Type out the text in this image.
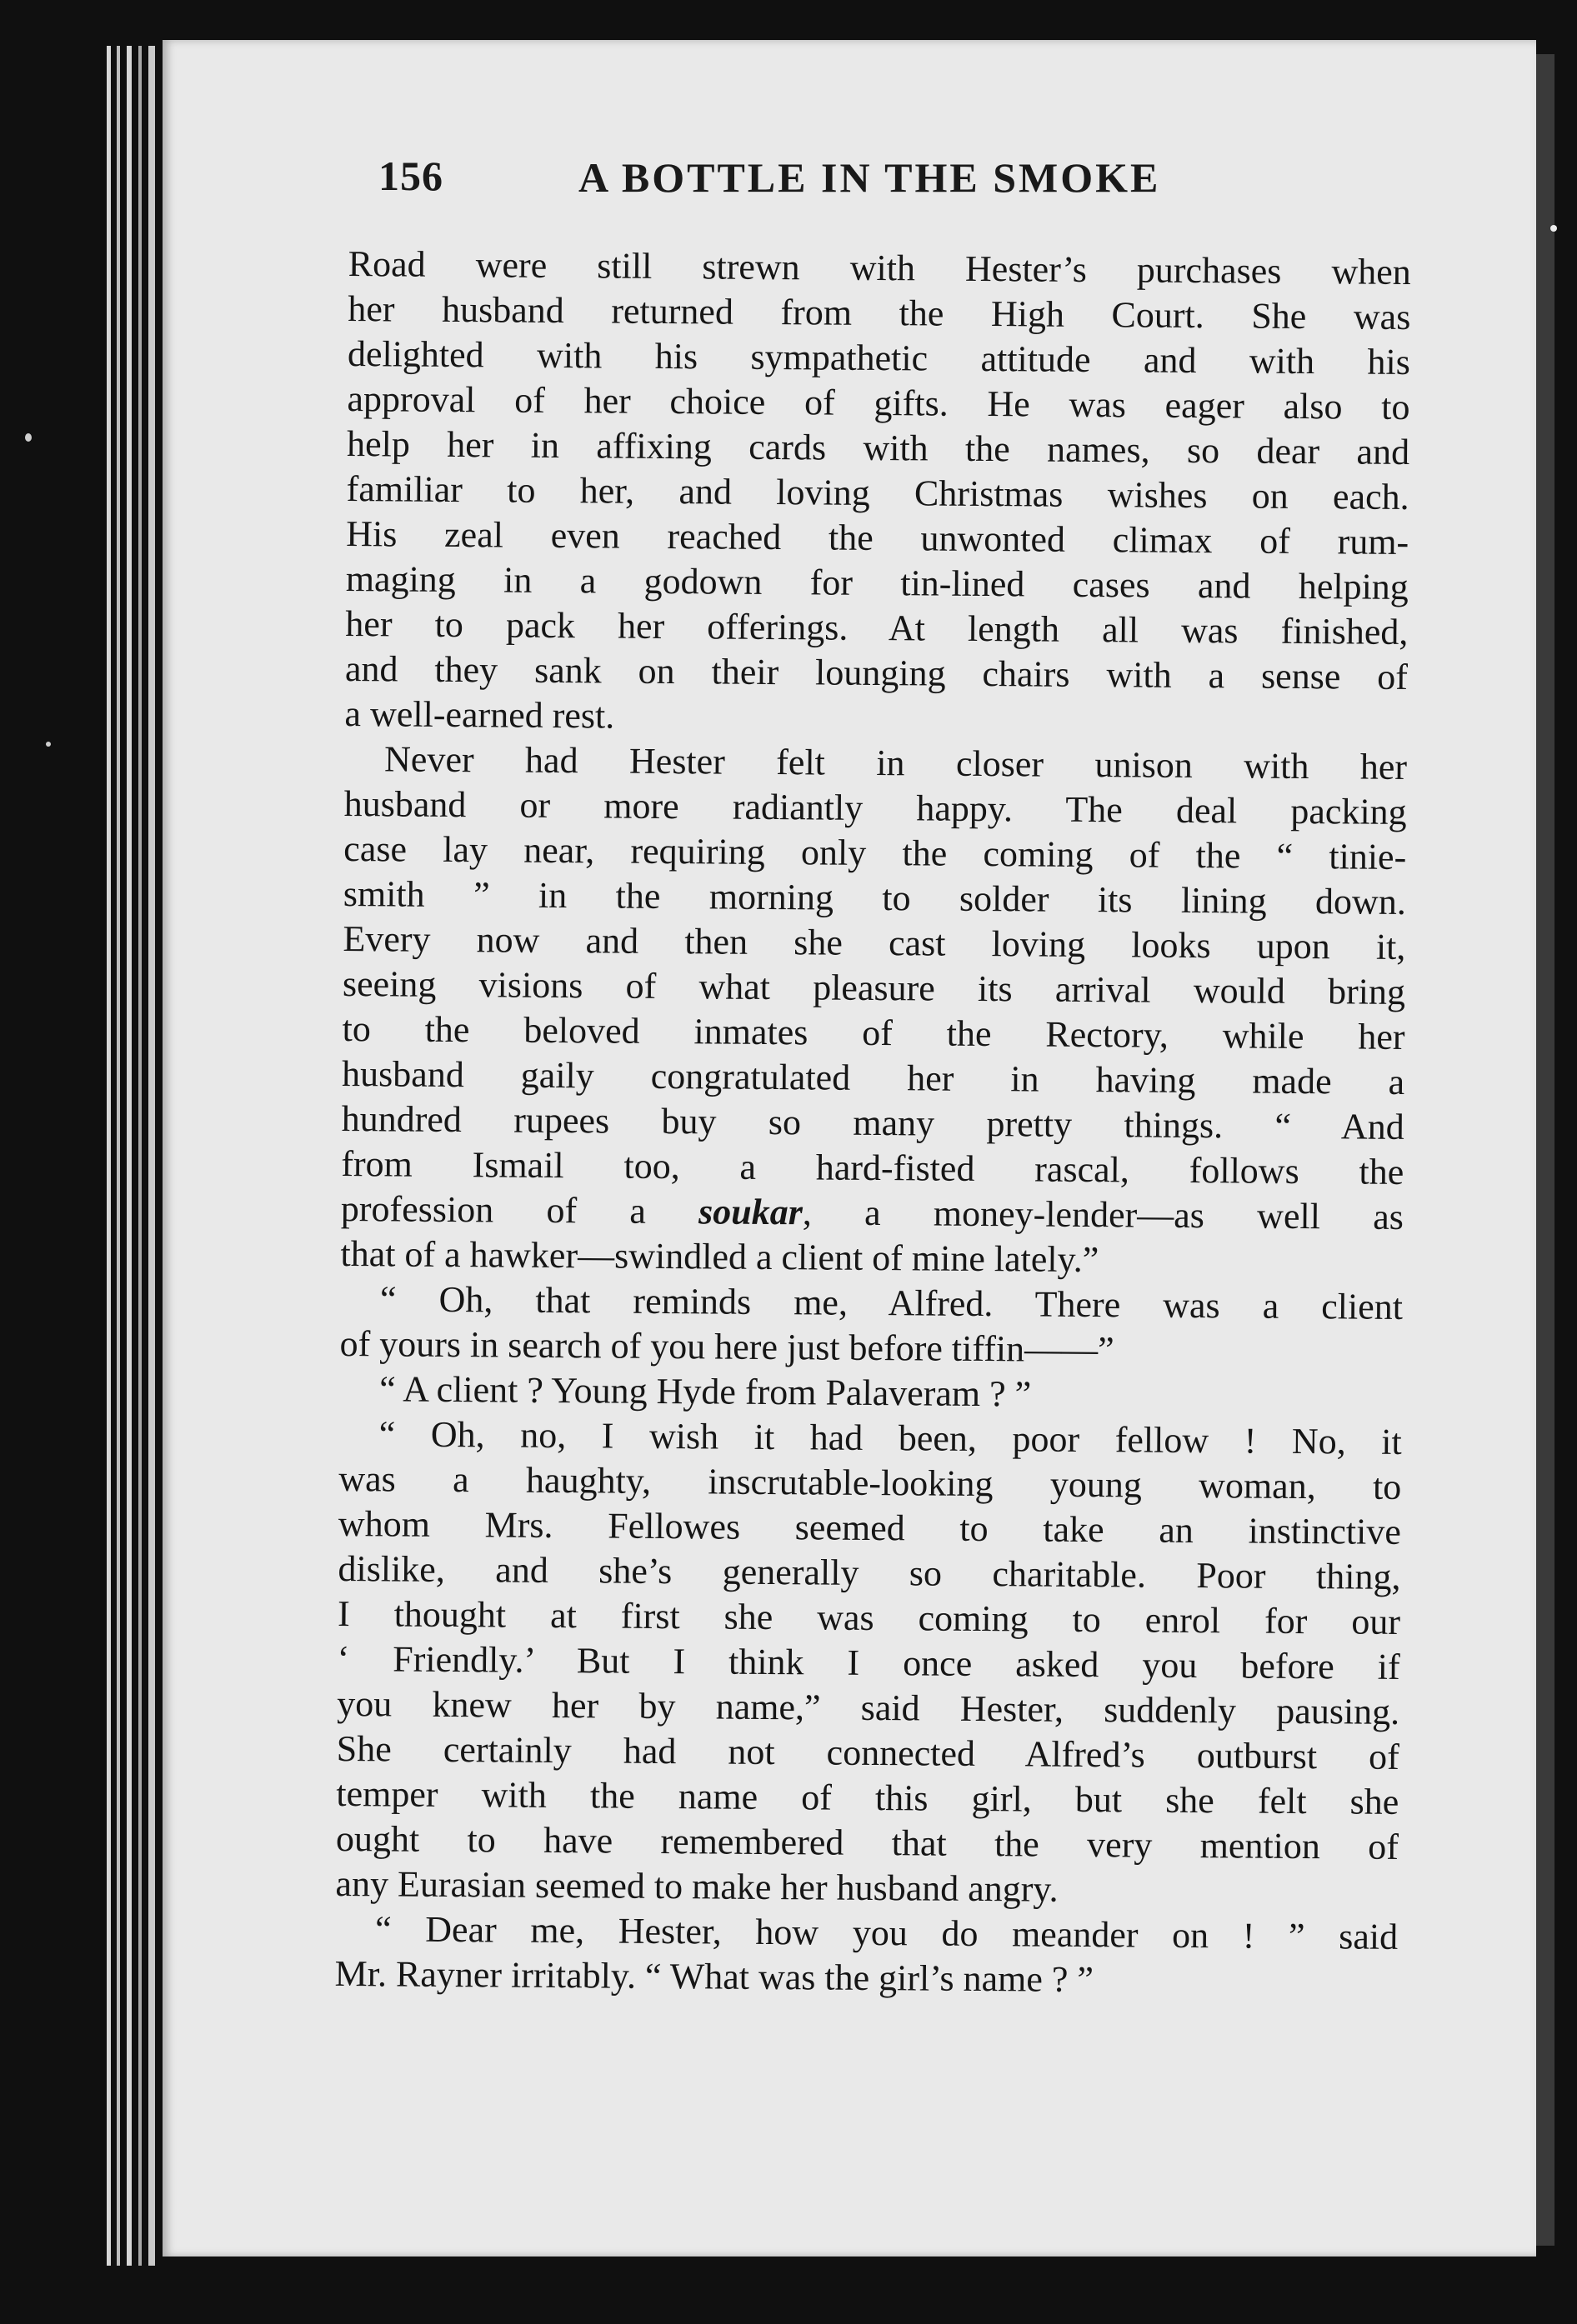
156	A BOTTLE IN THE SMOKE
Road were still strewn with Hester’s purchases when
her husband returned from the High Court. She was
delighted with his sympathetic attitude and with his
approval of her choice of gifts. He was eager also to
help her in affixing cards with the names, so dear and
familiar to her, and loving Christmas wishes on each.
His zeal even reached the unwonted climax of rum-
maging in a godown for tin-lined cases and helping
her to pack her offerings. At length all was finished,
and they sank on their lounging chairs with a sense of
a well-earned rest.
Never had Hester felt in closer unison with her
husband or more radiantly happy. The deal packing
case lay near, requiring only the coming of the “ tinie-
smith ” in the morning to solder its lining down.
Every now and then she cast loving looks upon it,
seeing visions of what pleasure its arrival would bring
to the beloved inmates of the Rectory, while her
husband gaily congratulated her in having made a
hundred rupees buy so many pretty things. “ And
from Ismail too, a hard-fisted rascal, follows the
profession of a soukar, a money-lender—as well as
that of a hawker—swindled a client of mine lately.”
“ Oh, that reminds me, Alfred. There was a client
of yours in search of you here just before tiffin——”
“ A client ? Young Hyde from Palaveram ? ”
“ Oh, no, I wish it had been, poor fellow ! No, it
was a haughty, inscrutable-looking young woman, to
whom Mrs. Fellowes seemed to take an instinctive
dislike, and she’s generally so charitable. Poor thing,
I thought at first she was coming to enrol for our
‘ Friendly.’ But I think I once asked you before if
you knew her by name,” said Hester, suddenly pausing.
She certainly had not connected Alfred’s outburst of
temper with the name of this girl, but she felt she
ought to have remembered that the very mention of
any Eurasian seemed to make her husband angry.
“ Dear me, Hester, how you do meander on ! ” said
Mr. Rayner irritably. “ What was the girl’s name ? ”
